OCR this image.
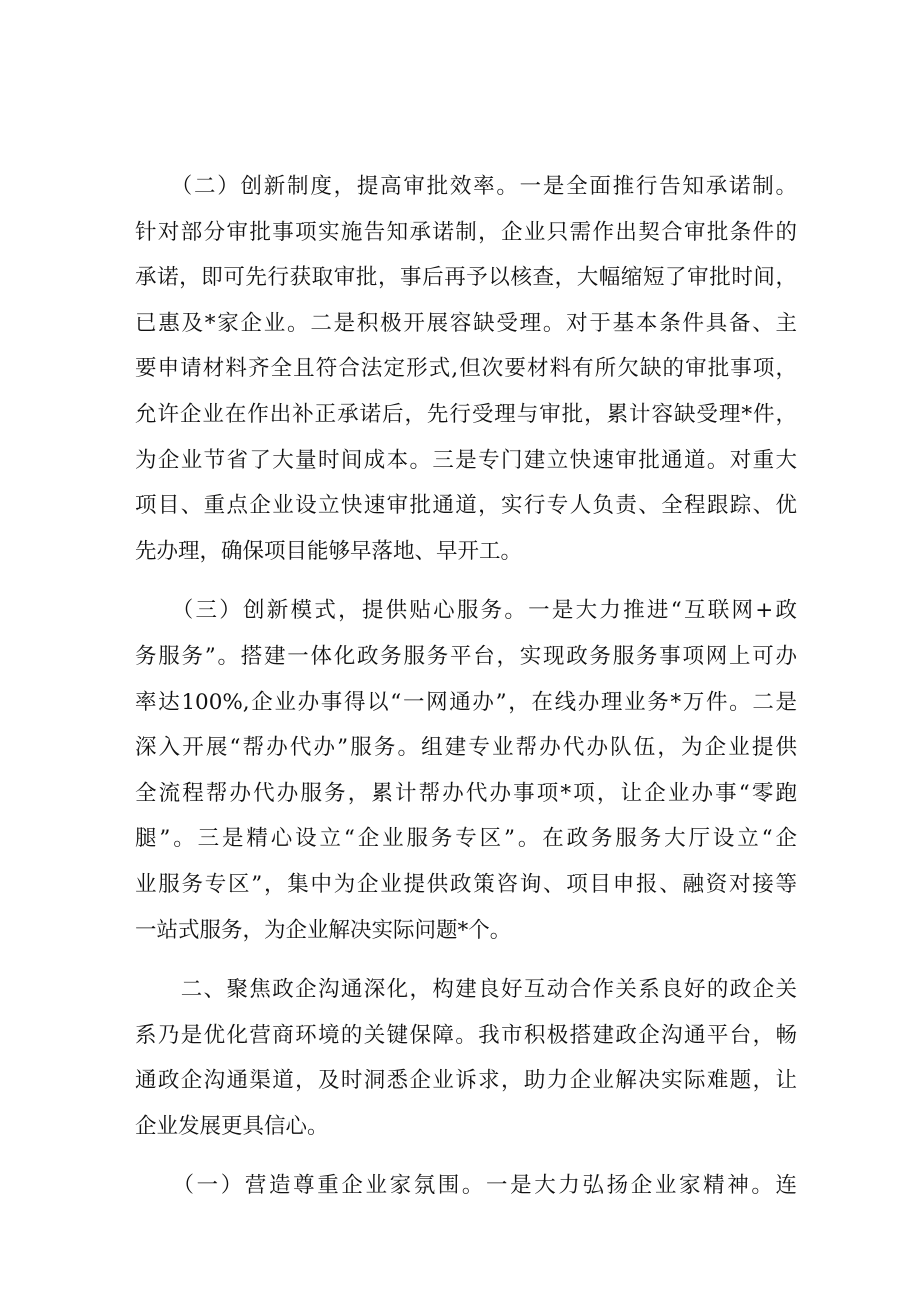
　　（二）创新制度，提高审批效率。一是全面推行告知承诺制。
针对部分审批事项实施告知承诺制，企业只需作出契合审批条件的
承诺，即可先行获取审批，事后再予以核查，大幅缩短了审批时间，
已惠及*家企业。二是积极开展容缺受理。对于基本条件具备、主
要申请材料齐全且符合法定形式,但次要材料有所欠缺的审批事项，
允许企业在作出补正承诺后，先行受理与审批，累计容缺受理*件，
为企业节省了大量时间成本。三是专门建立快速审批通道。对重大
项目、重点企业设立快速审批通道，实行专人负责、全程跟踪、优
先办理，确保项目能够早落地、早开工。
　　（三）创新模式，提供贴心服务。一是大力推进“互联网+政
务服务”。搭建一体化政务服务平台，实现政务服务事项网上可办
率达100%,企业办事得以“一网通办”，在线办理业务*万件。二是
深入开展“帮办代办”服务。组建专业帮办代办队伍，为企业提供
全流程帮办代办服务，累计帮办代办事项*项，让企业办事“零跑
腿”。三是精心设立“企业服务专区”。在政务服务大厅设立“企
业服务专区”，集中为企业提供政策咨询、项目申报、融资对接等
一站式服务，为企业解决实际问题*个。
　　二、聚焦政企沟通深化，构建良好互动合作关系良好的政企关
系乃是优化营商环境的关键保障。我市积极搭建政企沟通平台，畅
通政企沟通渠道，及时洞悉企业诉求，助力企业解决实际难题，让
企业发展更具信心。
　　（一）营造尊重企业家氛围。一是大力弘扬企业家精神。连
